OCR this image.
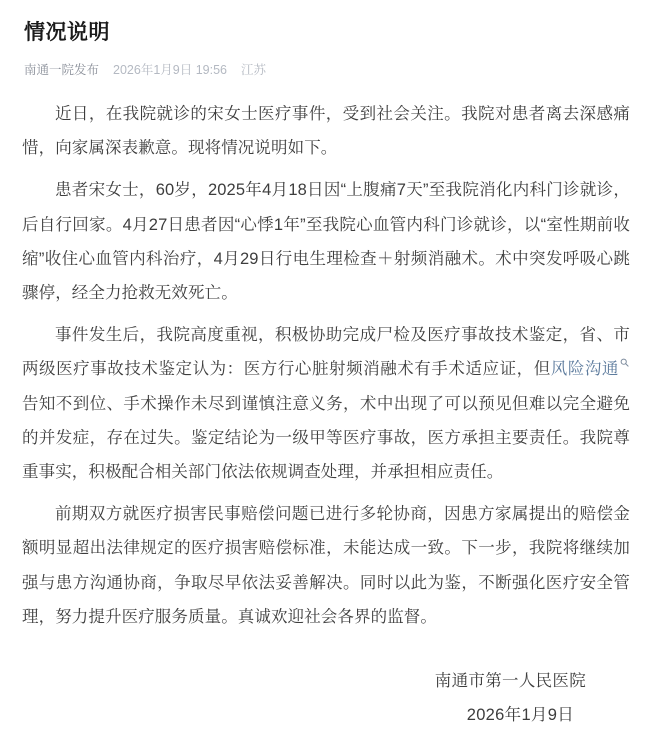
情况说明
南通一院发布 2026年1月9日 19:56 江苏

近日，在我院就诊的宋女士医疗事件，受到社会关注。我院对患者离去深感痛惜，向家属深表歉意。现将情况说明如下。

患者宋女士，60岁，2025年4月18日因“上腹痛7天”至我院消化内科门诊就诊，后自行回家。4月27日患者因“心悸1年”至我院心血管内科门诊就诊，以“室性期前收缩”收住心血管内科治疗，4月29日行电生理检查＋射频消融术。术中突发呼吸心跳骤停，经全力抢救无效死亡。

事件发生后，我院高度重视，积极协助完成尸检及医疗事故技术鉴定，省、市两级医疗事故技术鉴定认为：医方行心脏射频消融术有手术适应证，但风险沟通
告知不到位、手术操作未尽到谨慎注意义务，术中出现了可以预见但难以完全避免的并发症，存在过失。鉴定结论为一级甲等医疗事故，医方承担主要责任。我院尊重事实，积极配合相关部门依法依规调查处理，并承担相应责任。

前期双方就医疗损害民事赔偿问题已进行多轮协商，因患方家属提出的赔偿金额明显超出法律规定的医疗损害赔偿标准，未能达成一致。下一步，我院将继续加强与患方沟通协商，争取尽早依法妥善解决。同时以此为鉴，不断强化医疗安全管理，努力提升医疗服务质量。真诚欢迎社会各界的监督。

南通市第一人民医院
2026年1月9日
